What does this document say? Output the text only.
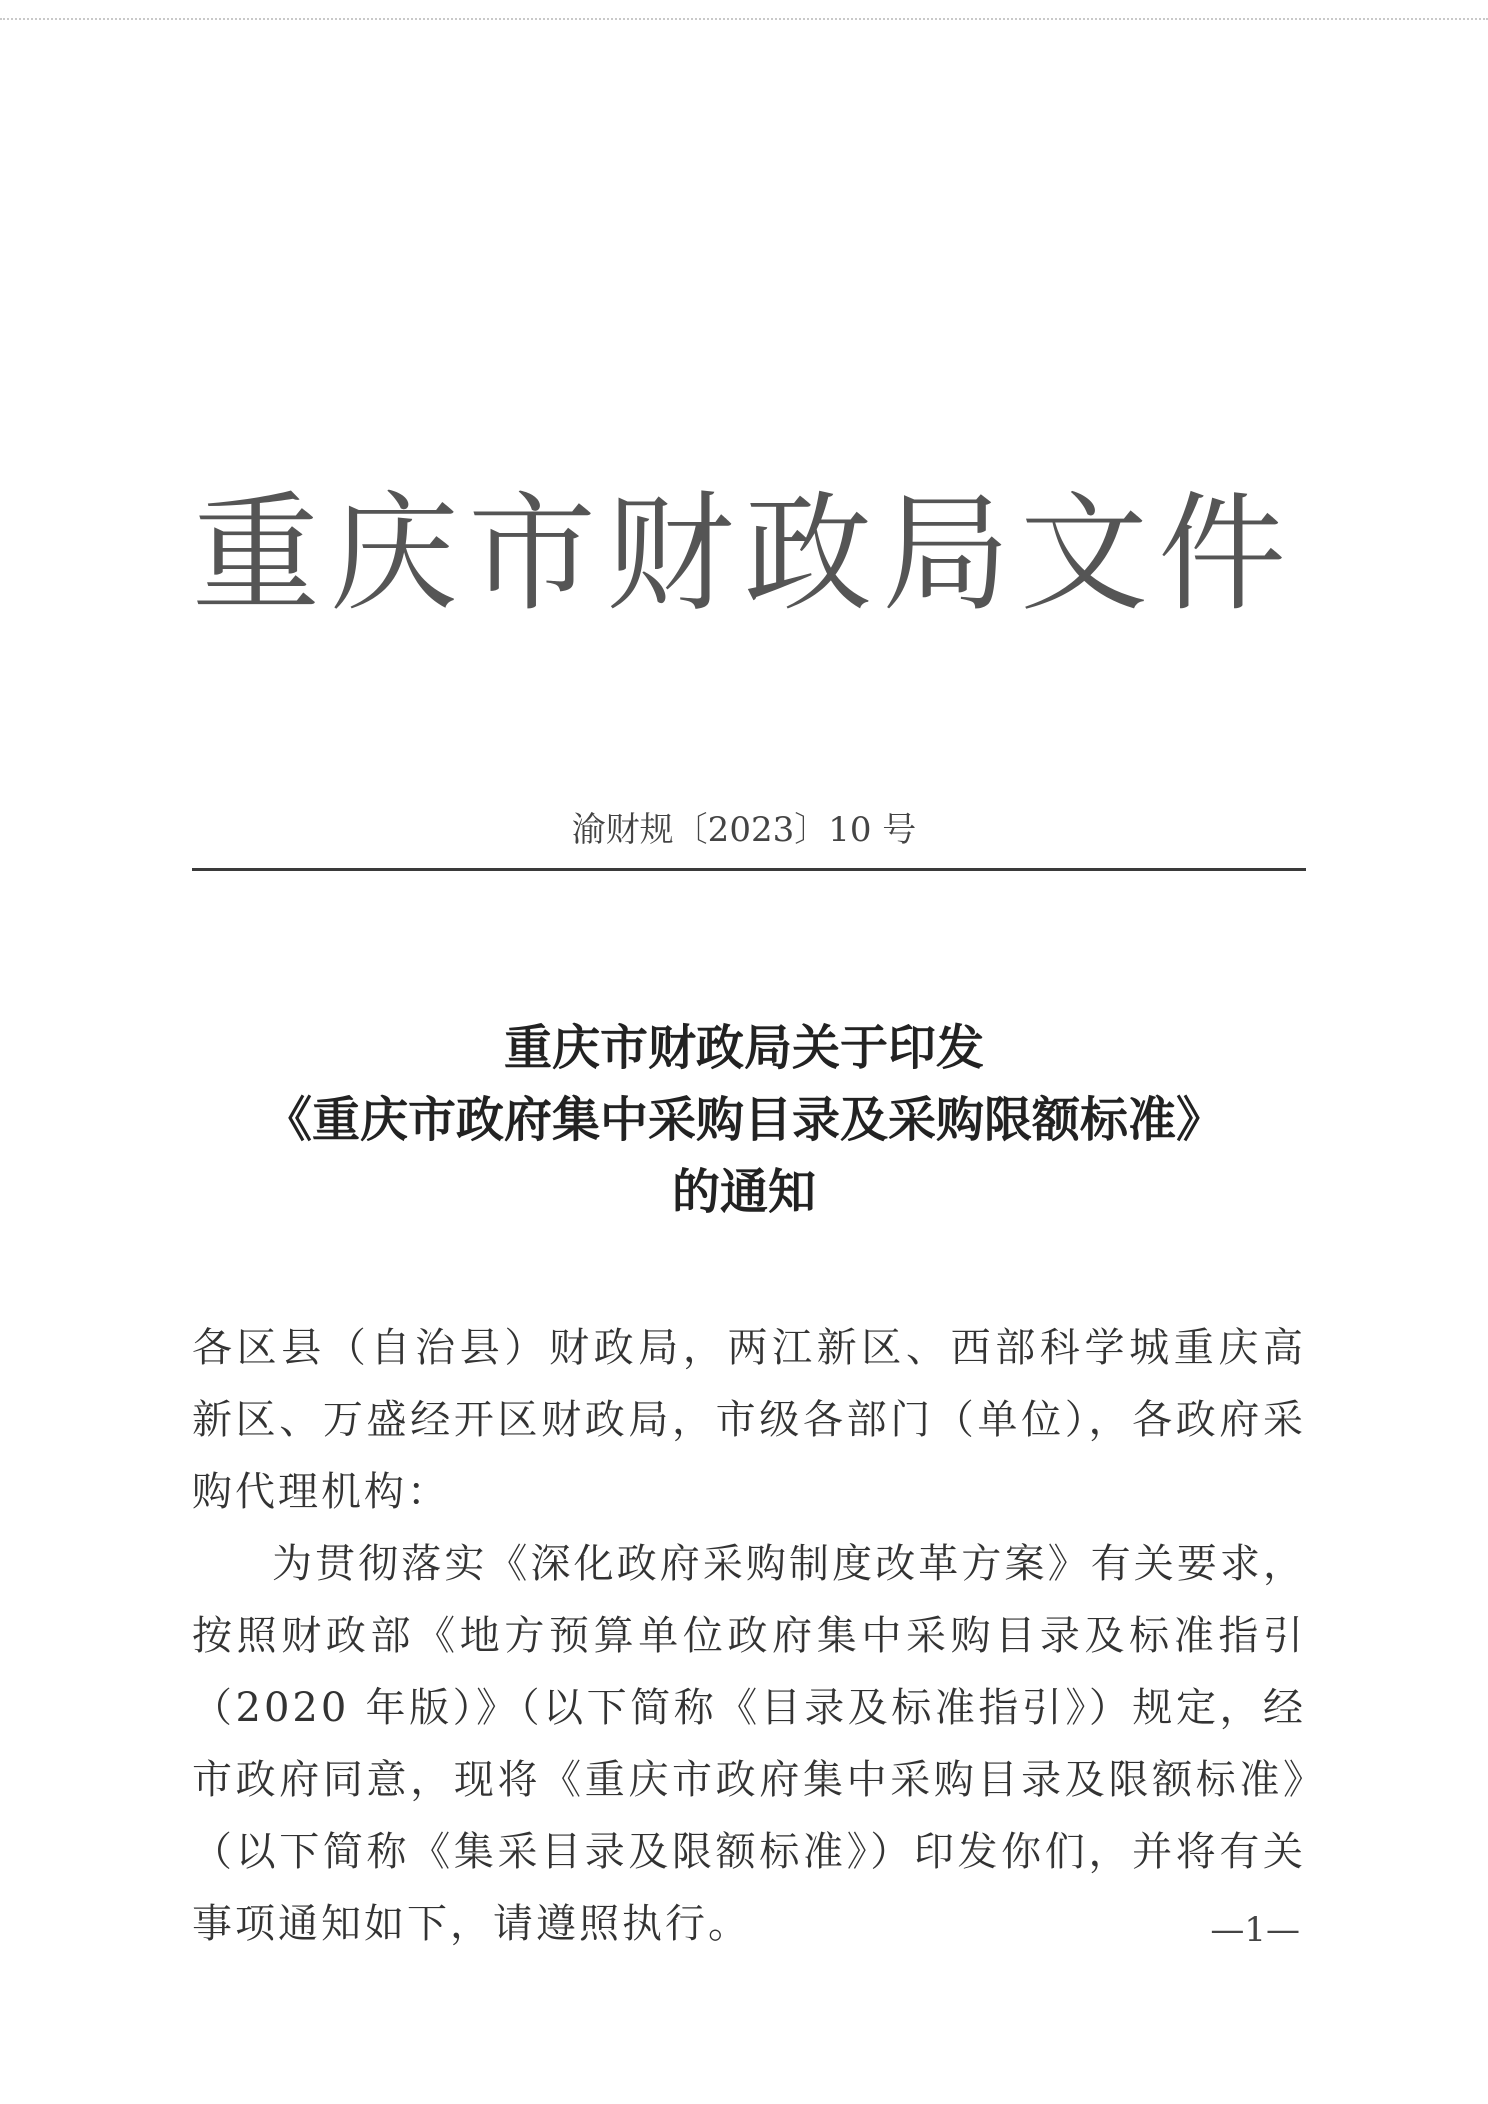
重庆市财政局文件
渝财规〔2023〕10 号
重庆市财政局关于印发
《重庆市政府集中采购目录及采购限额标准》
的通知

各区县（自治县）财政局，两江新区、西部科学城重庆高新区、万盛经开区财政局，市级各部门（单位），各政府采购代理机构：

为贯彻落实《深化政府采购制度改革方案》有关要求，按照财政部《地方预算单位政府集中采购目录及标准指引（2020 年版）》（以下简称《目录及标准指引》）规定，经市政府同意，现将《重庆市政府集中采购目录及限额标准》（以下简称《集采目录及限额标准》）印发你们，并将有关事项通知如下，请遵照执行。	—1—
